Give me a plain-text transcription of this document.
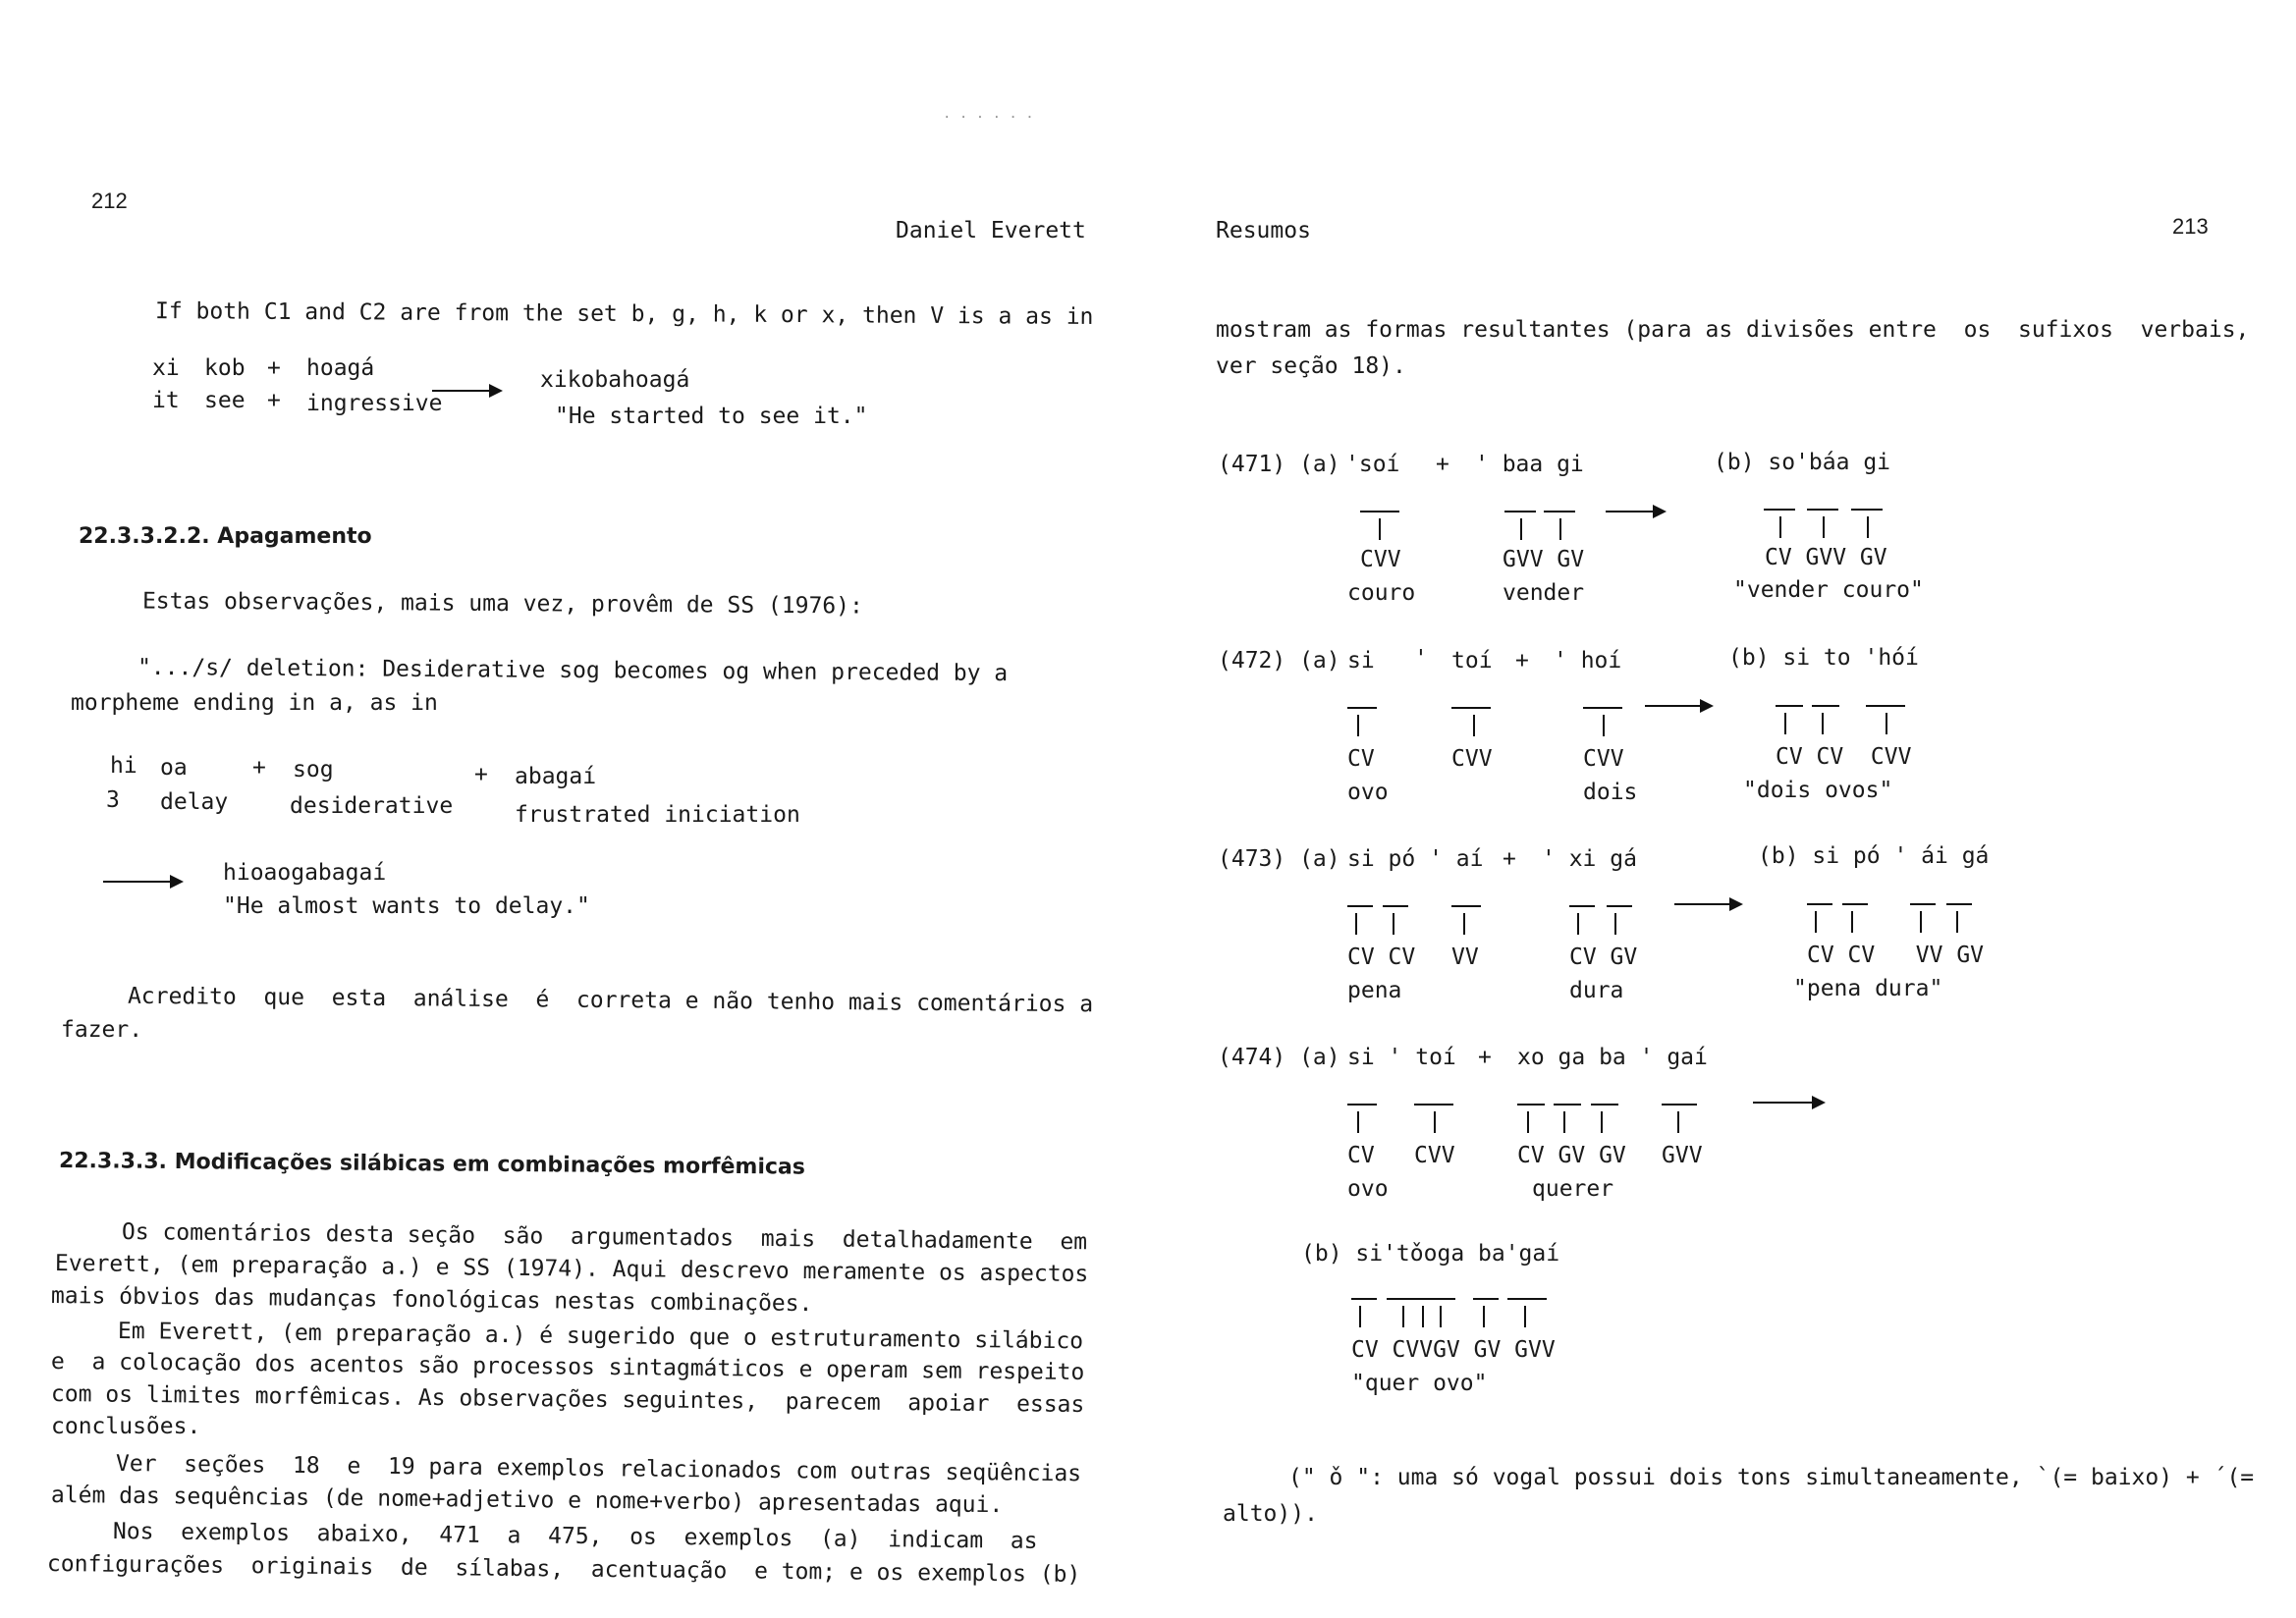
· · · · · ·
212
Daniel Everett
If both C1 and C2 are from the set b, g, h, k or x, then V is a as in
xi kob + hoagá
it see + ingressive
xikobahoagá
"He started to see it."
22.3.3.2.2. Apagamento
Estas observações, mais uma vez, provêm de SS (1976):
".../s/ deletion: Desiderative sog becomes og when preceded by a
morpheme ending in a, as in
hi oa	+ sog	+ abagaí
3 delay	desiderative	frustrated iniciation
hioaogabagaí
"He almost wants to delay."
Acredito  que  esta  análise  é  correta e não tenho mais comentários a
fazer.
22.3.3.3. Modificações silábicas em combinações morfêmicas
Os comentários desta seção  são  argumentados  mais  detalhadamente  em
Everett, (em preparação a.) e SS (1974). Aqui descrevo meramente os aspectos
mais óbvios das mudanças fonológicas nestas combinações.
Em Everett, (em preparação a.) é sugerido que o estruturamento silábico
e  a colocação dos acentos são processos sintagmáticos e operam sem respeito
com os limites morfêmicas. As observações seguintes,  parecem  apoiar  essas
conclusões.
Ver  seções  18  e  19 para exemplos relacionados com outras seqüências
além das sequências (de nome+adjetivo e nome+verbo) apresentadas aqui.
Nos  exemplos  abaixo,  471  a  475,  os  exemplos  (a)  indicam  as
configurações  originais  de  sílabas,  acentuação  e tom; e os exemplos (b)
Resumos	213
mostram as formas resultantes (para as divisões entre  os  sufixos  verbais,
ver seção 18).
(471) (a) 'soí + ' baa gi	(b) so'báa gi
CVV	GVV GV	CV GVV GV
couro	vender	"vender couro"
(472) (a) si ' toí + ' hoí	(b) si to 'hóí
CV	CVV	CVV	CV CV  CVV
ovo	dois	"dois ovos"
(473) (a) si pó ' aí + ' xi gá	(b) si pó ' ái gá
CV CV VV	CV GV	CV CV   VV GV
pena	dura	"pena dura"
(474) (a) si ' toí + xo ga ba ' gaí
CV CVV	CV GV GV GVV
ovo	querer
(b) si'tǒoga ba'gaí
CV CVVGV GV GVV
"quer ovo"
(" ǒ ": uma só vogal possui dois tons simultaneamente, `(= baixo) + ´(=
alto)).
